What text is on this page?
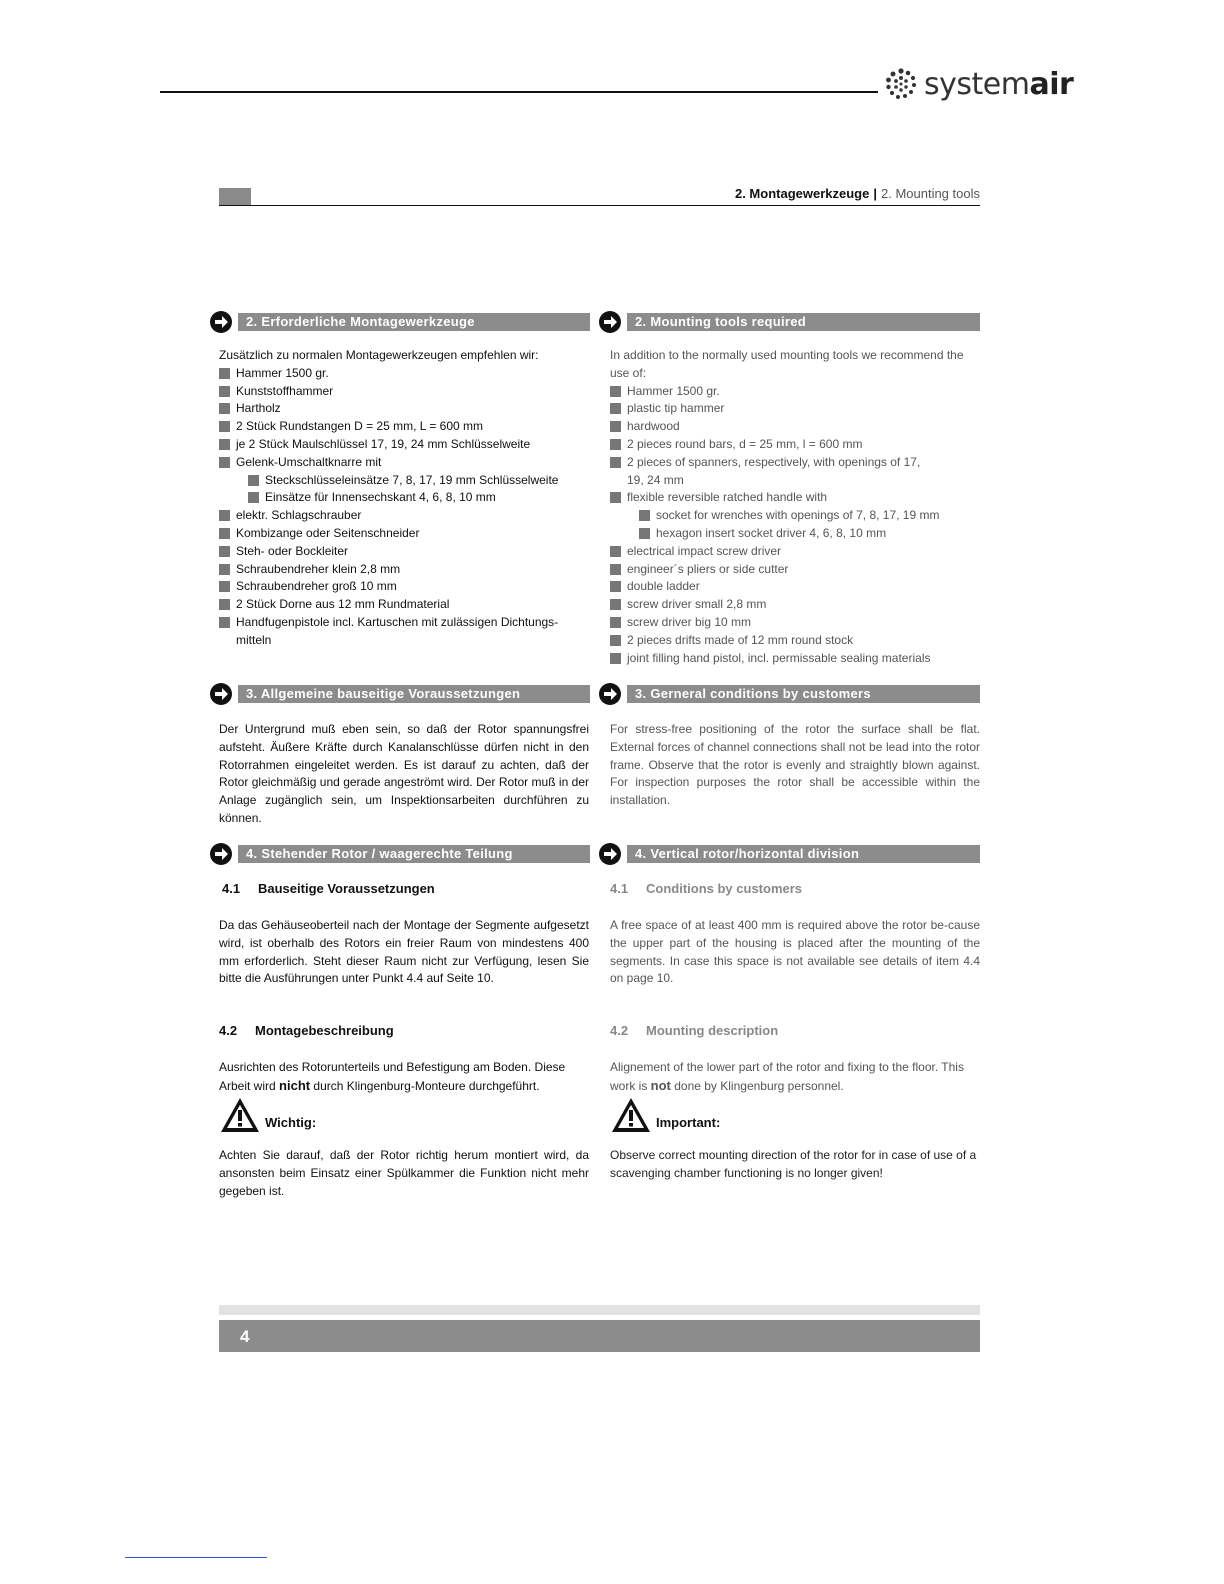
systemair
2. Montagewerkzeuge | 2. Mounting tools
2. Erforderliche Montagewerkzeuge	2. Mounting tools required

Zusätzlich zu normalen Montagewerkzeugen empfehlen wir:

Hammer 1500 gr.

Kunststoffhammer

Hartholz

2 Stück Rundstangen D = 25 mm, L = 600 mm

je 2 Stück Maulschlüssel 17, 19, 24 mm Schlüsselweite

Gelenk-Umschaltknarre mit

Steckschlüsseleinsätze 7, 8, 17, 19 mm Schlüsselweite

Einsätze für Innensechskant 4, 6, 8, 10 mm

elektr. Schlagschrauber

Kombizange oder Seitenschneider

Steh- oder Bockleiter

Schraubendreher klein 2,8 mm

Schraubendreher groß 10 mm

2 Stück Dorne aus 12 mm Rundmaterial

Handfugenpistole incl. Kartuschen mit zulässigen Dichtungs-mitteln

In addition to the normally used mounting tools we recommend the use of:

Hammer 1500 gr.

plastic tip hammer

hardwood

2 pieces round bars, d = 25 mm, l = 600 mm

2 pieces of spanners, respectively, with openings of 17, 19, 24 mm

flexible reversible ratched handle with

socket for wrenches with openings of 7, 8, 17, 19 mm

hexagon insert socket driver 4, 6, 8, 10 mm

electrical impact screw driver

engineer´s pliers or side cutter

double ladder

screw driver small 2,8 mm

screw driver big 10 mm

2 pieces drifts made of 12 mm round stock

joint filling hand pistol, incl. permissable sealing materials

3. Allgemeine bauseitige Voraussetzungen	3. Gerneral conditions by customers
Der Untergrund muß eben sein, so daß der Rotor spannungsfrei aufsteht. Äußere Kräfte durch Kanalanschlüsse dürfen nicht in den Rotorrahmen eingeleitet werden. Es ist darauf zu achten, daß der Rotor gleichmäßig und gerade angeströmt wird. Der Rotor muß in der Anlage zugänglich sein, um Inspektionsarbeiten durchführen zu können.
For stress-free positioning of the rotor the surface shall be flat. External forces of channel connections shall not be lead into the rotor frame. Observe that the rotor is evenly and straightly blown against. For inspection purposes the rotor shall be accessible within the installation.
4. Stehender Rotor / waagerechte Teilung	4. Vertical rotor/horizontal division
4.1 Bauseitige Voraussetzungen	4.1 Conditions by customers
Da das Gehäuseoberteil nach der Montage der Segmente aufgesetzt wird, ist oberhalb des Rotors ein freier Raum von mindestens 400 mm erforderlich. Steht dieser Raum nicht zur Verfügung, lesen Sie bitte die Ausführungen unter Punkt 4.4 auf Seite 10.
A free space of at least 400 mm is required above the rotor be-cause the upper part of the housing is placed after the mounting of the segments. In case this space is not available see details of item 4.4 on page 10.
4.2 Montagebeschreibung	4.2 Mounting description
Ausrichten des Rotorunterteils und Befestigung am Boden. Diese Arbeit wird nicht durch Klingenburg-Monteure durchgeführt.
Alignement of the lower part of the rotor and fixing to the floor. This work is not done by Klingenburg personnel.
Wichtig:	Important:
Achten Sie darauf, daß der Rotor richtig herum montiert wird, da ansonsten beim Einsatz einer Spülkammer die Funktion nicht mehr gegeben ist.
Observe correct mounting direction of the rotor for in case of use of a scavenging chamber functioning is no longer given!
4
